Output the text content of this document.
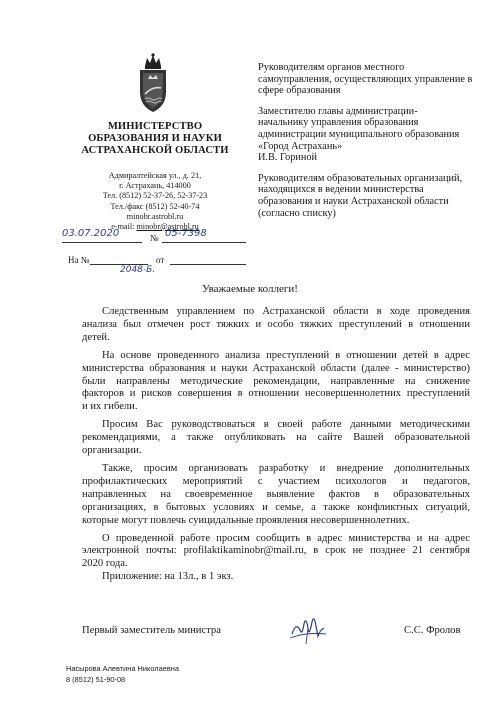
МИНИСТЕРСТВО
ОБРАЗОВАНИЯ И НАУКИ
АСТРАХАНСКОЙ ОБЛАСТИ
Адмиралтейская ул., д. 21,
г. Астрахань, 414000
Тел. (8512) 52-37-26, 52-37-23
Тел./факс (8512) 52-40-74
minobr.astrobl.ru
e-mail: minobr@astrobl.ru
03.07.2020	№ 05-7398
На №	от
2048-Б.
Руководителям органов местного
самоуправления, осуществляющих управление в
сфере образования
Заместителю главы администрации-
начальнику управления образования
администрации муниципального образования
«Город Астрахань»
И.В. Гориной
Руководителям образовательных организаций,
находящихся в ведении министерства
образования и науки Астраханской области
(согласно списку)
Уважаемые коллеги!

Следственным управлением по Астраханской области в ходе проведения
анализа был отмечен рост тяжких и особо тяжких преступлений в отношении
детей.

На основе проведенного анализа преступлений в отношении детей в адрес
министерства образования и науки Астраханской области (далее - министерство)
были направлены методические рекомендации, направленные на снижение
факторов и рисков совершения в отношении несовершеннолетних преступлений
и их гибели.

Просим Вас руководствоваться в своей работе данными методическими
рекомендациями, а также опубликовать на сайте Вашей образовательной
организации.

Также, просим организовать разработку и внедрение дополнительных
профилактических мероприятий с участием психологов и педагогов,
направленных на своевременное выявление фактов в образовательных
организациях, в бытовых условиях и семье, а также конфликтных ситуаций,
которые могут повлечь суицидальные проявления несовершеннолетних.

О проведенной работе просим сообщить в адрес министерства и на адрес
электронной почты: profilaktikaminobr@mail.ru, в срок не позднее 21 сентября
2020 года.

Приложение: на 13л., в 1 экз.
Первый заместитель министра	С.С. Фролов
Насырова Алевтина Николаевна
8 (8512) 51-90-08
